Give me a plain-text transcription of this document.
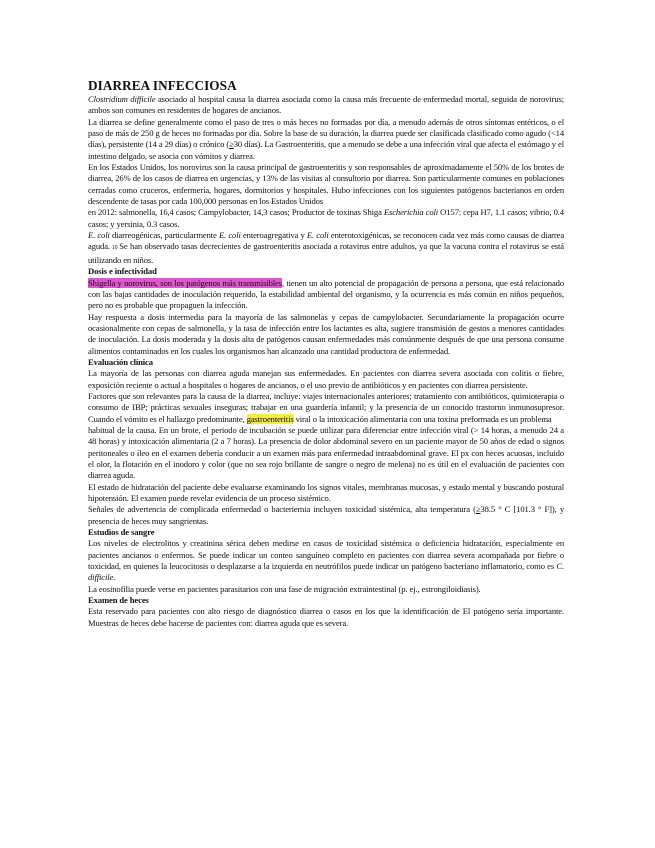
DIARREA INFECCIOSA

Clostridium difficile asociado al hospital causa la diarrea asociada como la causa más frecuente de enfermedad mortal, seguida de norovirus; ambos son comunes en residentes de hogares de ancianos.

La diarrea se define generalmente como el paso de tres o más heces no formadas por día, a menudo además de otros síntomas entéricos, o el paso de más de 250 g de heces no formadas por día. Sobre la base de su duración, la diarrea puede ser clasificada clasificado como agudo (<14 días), persistente (14 a 29 días) o crónico (≥30 días). La Gastroenteritis, que a menudo se debe a una infección viral que afecta el estómago y el intestino delgado, se asocia con vómitos y diarrea.

En los Estados Unidos, los norovirus son la causa principal de gastroenteritis y son responsables de aproximadamente el 50% de los brotes de diarrea, 26% de los casos de diarrea en urgencias, y 13% de las visitas al consultorio por diarrea. Son particularmente comunes en poblaciones cerradas como cruceros, enfermería, hogares, dormitorios y hospitales. Hubo infecciones con los siguientes patógenos bacterianos en orden descendente de tasas por cada 100,000 personas en los Estados Unidos

en 2012: salmonella, 16,4 casos; Campylobacter, 14,3 casos; Productor de toxinas Shiga Escherichia coli O157: cepa H7, 1.1 casos; vibrio, 0.4 casos; y yersinia, 0.3 casos.

E. coli diarreogénicas, particularmente E. coli enteroagregativa y E. coli enterotoxigénicas, se reconocen cada vez más como causas de diarrea aguda. 10 Se han observado tasas decrecientes de gastroenteritis asociada a rotavirus entre adultos, ya que la vacuna contra el rotavirus se está utilizando en niños.

Dosis e infectividad

Shigella y norovirus, son los patógenos más transmisibles, tienen un alto potencial de propagación de persona a persona, que está relacionado con las bajas cantidades de inoculación requerido, la estabilidad ambiental del organismo, y la ocurrencia es más común en niños pequeños, pero no es probable que propaguen la infección.

Hay respuesta a dosis intermedia para la mayoría de las salmonelas y cepas de campylobacter. Secundariamente la propagación ocurre ocasionalmente con cepas de salmonella, y la tasa de infección entre los lactantes es alta, sugiere transmisión de gestos a menores cantidades de inoculación. La dosis moderada y la dosis alta de patógenos causan enfermedades más comúnmente después de que una persona consume alimentos contaminados en los cuales los organismos han alcanzado una cantidad productora de enfermedad.

Evaluación clínica

La mayoría de las personas con diarrea aguda manejan sus enfermedades. En pacientes con diarrea severa asociada con colitis o fiebre, exposición reciente o actual a hospitales o hogares de ancianos, o el uso previo de antibióticos y en pacientes con diarrea persistente.

Factores que son relevantes para la causa de la diarrea, incluye: viajes internacionales anteriores; tratamiento con antibióticos, quimioterapia o consumo de IBP; prácticas sexuales inseguras; trabajar en una guardería infantil; y la presencia de un conocido trastorno inmunosupresor. Cuando el vómito es el hallazgo predominante, gastroenteritis viral o la intoxicación alimentaria con una toxina preformada es un problema

habitual de la causa. En un brote, el periodo de incubación se puede utilizar para diferenciar entre infección viral (> 14 horas, a menudo 24 a 48 horas) y intoxicación alimentaria (2 a 7 horas). La presencia de dolor abdominal severo en un paciente mayor de 50 años de edad o signos peritoneales o íleo en el examen debería conducir a un examen más para enfermedad intraabdominal grave. El px con heces acuosas, incluido el olor, la flotación en el inodoro y color (que no sea rojo brillante de sangre o negro de melena) no es útil en el evaluación de pacientes con diarrea aguda.

El estado de hidratación del paciente debe evaluarse examinando los signos vitales, membranas mucosas, y estado mental y buscando postural hipotensión. El examen puede revelar evidencia de un proceso sistémico.

Señales de advertencia de complicada enfermedad o bacteriemia incluyen toxicidad sistémica, alta temperatura (≥38.5 ° C [101.3 ° F]), y presencia de heces muy sangrientas.

Estudios de sangre

Los niveles de electrolitos y creatinina sérica deben medirse en casos de toxicidad sistémica o deficiencia hidratación, especialmente en pacientes ancianos o enfermos. Se puede indicar un conteo sanguíneo completo en pacientes con diarrea severa acompañada por fiebre o toxicidad, en quienes la leucocitosis o desplazarse a la izquierda en neutrófilos puede indicar un patógeno bacteriano inflamatorio, como es C. difficile.

La eosinofilia puede verse en pacientes parasitarios con una fase de migración extraintestinal (p. ej., estrongiloidiasis).

Examen de heces

Esta reservado para pacientes con alto riesgo de diagnóstico diarrea o casos en los que la identificación de El patógeno sería importante. Muestras de heces debe hacerse de pacientes con: diarrea aguda que es severa.
